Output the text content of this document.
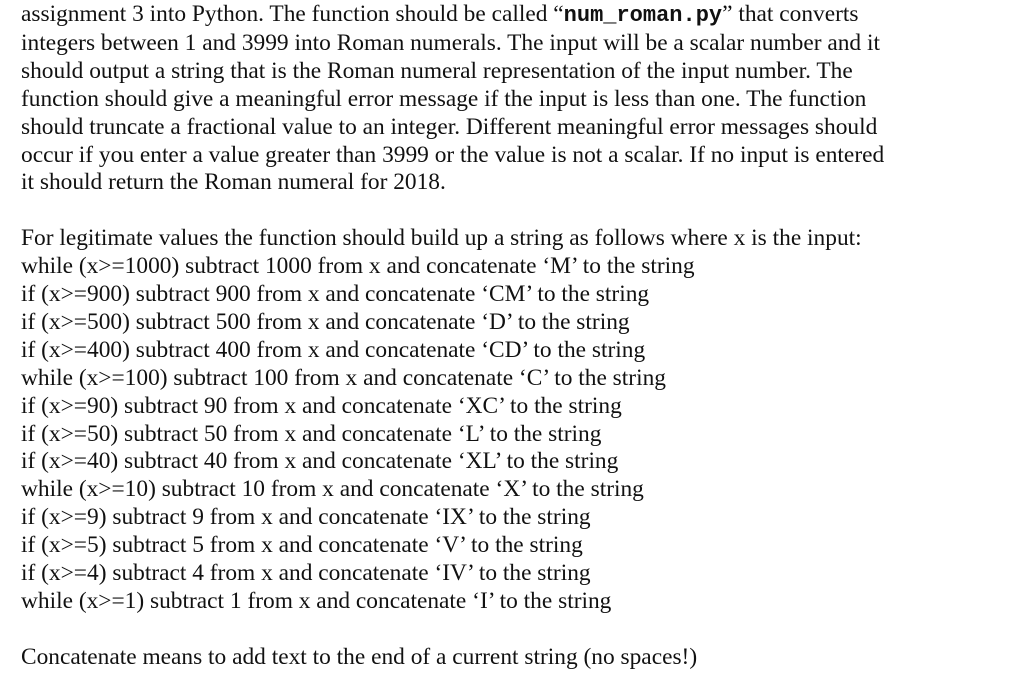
assignment 3 into Python. The function should be called “num_roman.py” that converts

integers between 1 and 3999 into Roman numerals. The input will be a scalar number and it

should output a string that is the Roman numeral representation of the input number. The

function should give a meaningful error message if the input is less than one. The function

should truncate a fractional value to an integer. Different meaningful error messages should

occur if you enter a value greater than 3999 or the value is not a scalar. If no input is entered

it should return the Roman numeral for 2018.

For legitimate values the function should build up a string as follows where x is the input:

while (x>=1000) subtract 1000 from x and concatenate ‘M’ to the string

if (x>=900) subtract 900 from x and concatenate ‘CM’ to the string

if (x>=500) subtract 500 from x and concatenate ‘D’ to the string

if (x>=400) subtract 400 from x and concatenate ‘CD’ to the string

while (x>=100) subtract 100 from x and concatenate ‘C’ to the string

if (x>=90) subtract 90 from x and concatenate ‘XC’ to the string

if (x>=50) subtract 50 from x and concatenate ‘L’ to the string

if (x>=40) subtract 40 from x and concatenate ‘XL’ to the string

while (x>=10) subtract 10 from x and concatenate ‘X’ to the string

if (x>=9) subtract 9 from x and concatenate ‘IX’ to the string

if (x>=5) subtract 5 from x and concatenate ‘V’ to the string

if (x>=4) subtract 4 from x and concatenate ‘IV’ to the string

while (x>=1) subtract 1 from x and concatenate ‘I’ to the string

Concatenate means to add text to the end of a current string (no spaces!)
